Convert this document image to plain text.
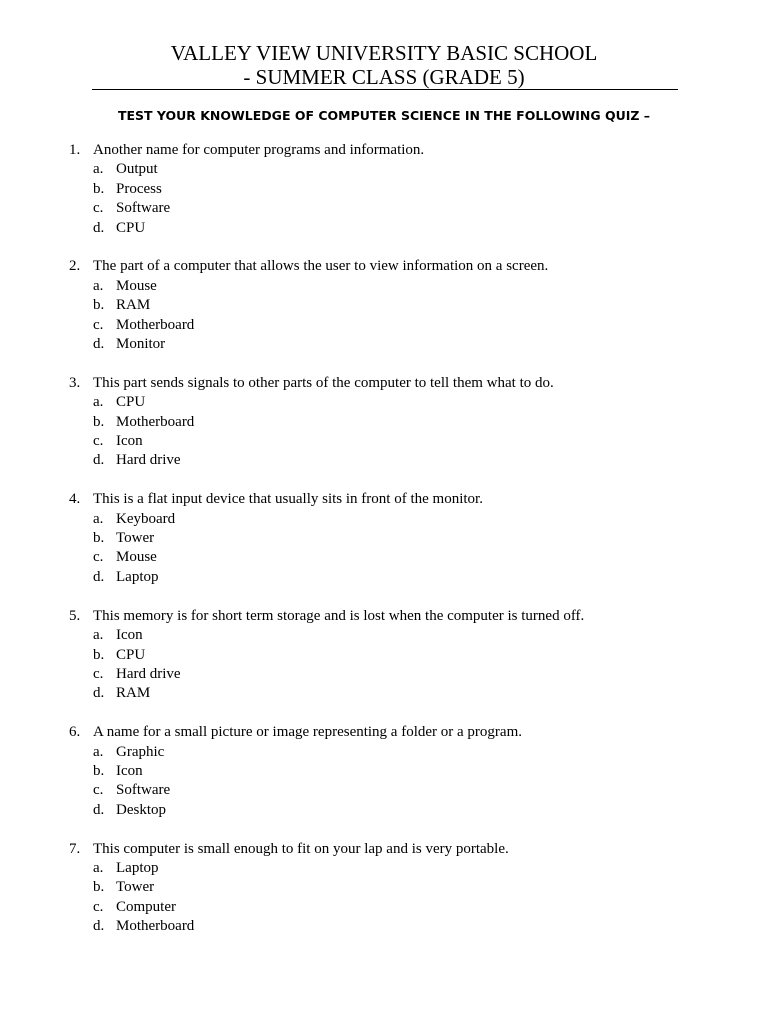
VALLEY VIEW UNIVERSITY BASIC SCHOOL
- SUMMER CLASS (GRADE 5)
TEST YOUR KNOWLEDGE OF COMPUTER SCIENCE IN THE FOLLOWING QUIZ –
1. Another name for computer programs and information.
a. Output
b. Process
c. Software
d. CPU
2. The part of a computer that allows the user to view information on a screen.
a. Mouse
b. RAM
c. Motherboard
d. Monitor
3. This part sends signals to other parts of the computer to tell them what to do.
a. CPU
b. Motherboard
c. Icon
d. Hard drive
4. This is a flat input device that usually sits in front of the monitor.
a. Keyboard
b. Tower
c. Mouse
d. Laptop
5. This memory is for short term storage and is lost when the computer is turned off.
a. Icon
b. CPU
c. Hard drive
d. RAM
6. A name for a small picture or image representing a folder or a program.
a. Graphic
b. Icon
c. Software
d. Desktop
7. This computer is small enough to fit on your lap and is very portable.
a. Laptop
b. Tower
c. Computer
d. Motherboard
